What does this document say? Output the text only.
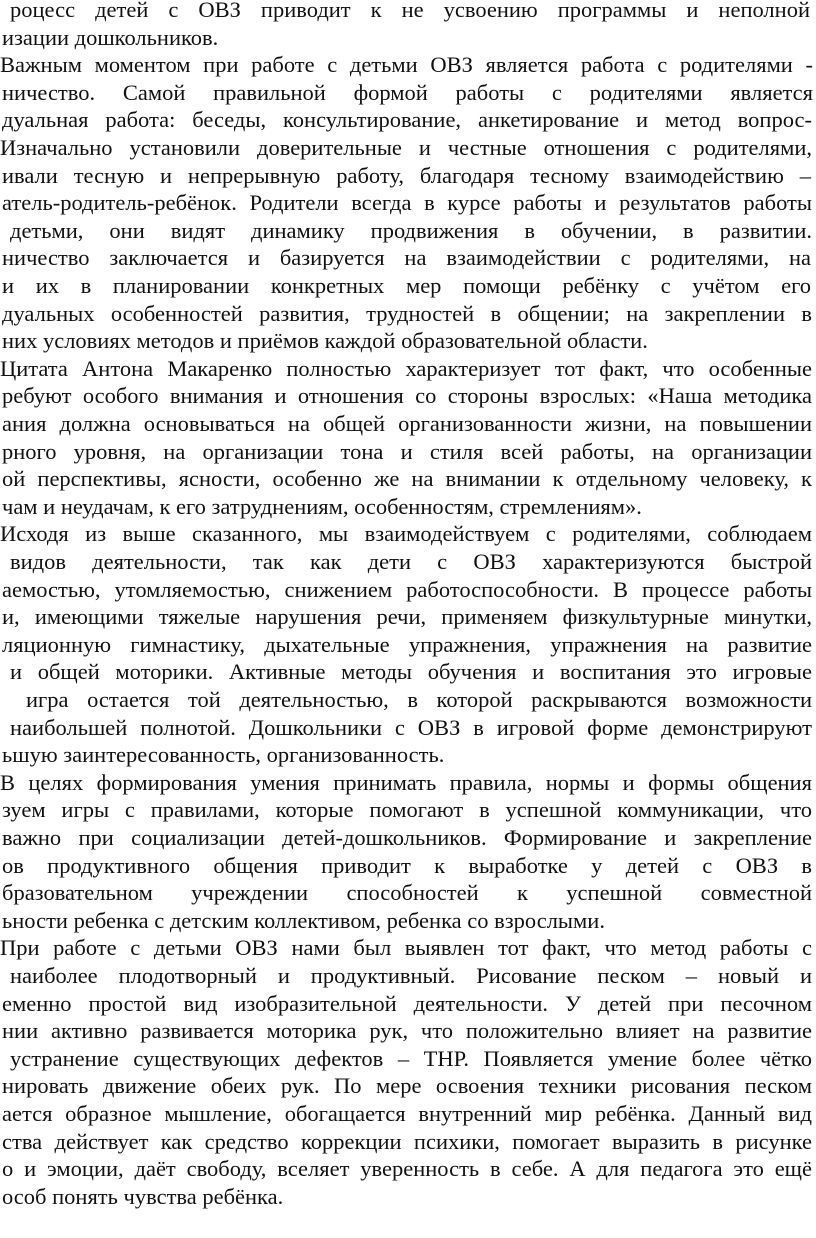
роцесс детей с ОВЗ приводит к не усвоению программы и неполной
изации дошкольников.
Важным моментом при работе с детьми ОВЗ является работа с родителями -
ничество. Самой правильной формой работы с родителями является
дуальная работа: беседы, консультирование, анкетирование и метод вопрос-
Изначально установили доверительные и честные отношения с родителями,
ивали тесную и непрерывную работу, благодаря тесному взаимодействию –
атель-родитель-ребёнок. Родители всегда в курсе работы и результатов работы
детьми, они видят динамику продвижения в обучении, в развитии.
ничество заключается и базируется на взаимодействии с родителями, на
и их в планировании конкретных мер помощи ребёнку с учётом его
дуальных особенностей развития, трудностей в общении; на закреплении в
них условиях методов и приёмов каждой образовательной области.
Цитата Антона Макаренко полностью характеризует тот факт, что особенные
ребуют особого внимания и отношения со стороны взрослых: «Наша методика
ания должна основываться на общей организованности жизни, на повышении
рного уровня, на организации тона и стиля всей работы, на организации
ой перспективы, ясности, особенно же на внимании к отдельному человеку, к
чам и неудачам, к его затруднениям, особенностям, стремлениям».
Исходя из выше сказанного, мы взаимодействуем с родителями, соблюдаем
видов деятельности, так как дети с ОВЗ характеризуются быстрой
аемостью, утомляемостью, снижением работоспособности. В процессе работы
и, имеющими тяжелые нарушения речи, применяем физкультурные минутки,
ляционную гимнастику, дыхательные упражнения, упражнения на развитие
и общей моторики. Активные методы обучения и воспитания это игровые
игра остается той деятельностью, в которой раскрываются возможности
наибольшей полнотой. Дошкольники с ОВЗ в игровой форме демонстрируют
ьшую заинтересованность, организованность.
В целях формирования умения принимать правила, нормы и формы общения
зуем игры с правилами, которые помогают в успешной коммуникации, что
важно при социализации детей-дошкольников. Формирование и закрепление
ов продуктивного общения приводит к выработке у детей с ОВЗ в
бразовательном учреждении способностей к успешной совместной
ьности ребенка с детским коллективом, ребенка со взрослыми.
При работе с детьми ОВЗ нами был выявлен тот факт, что метод работы с
наиболее плодотворный и продуктивный. Рисование песком – новый и
еменно простой вид изобразительной деятельности. У детей при песочном
нии активно развивается моторика рук, что положительно влияет на развитие
устранение существующих дефектов – ТНР. Появляется умение более чётко
нировать движение обеих рук. По мере освоения техники рисования песком
ается образное мышление, обогащается внутренний мир ребёнка. Данный вид
ства действует как средство коррекции психики, помогает выразить в рисунке
о и эмоции, даёт свободу, вселяет уверенность в себе. А для педагога это ещё
особ понять чувства ребёнка.
